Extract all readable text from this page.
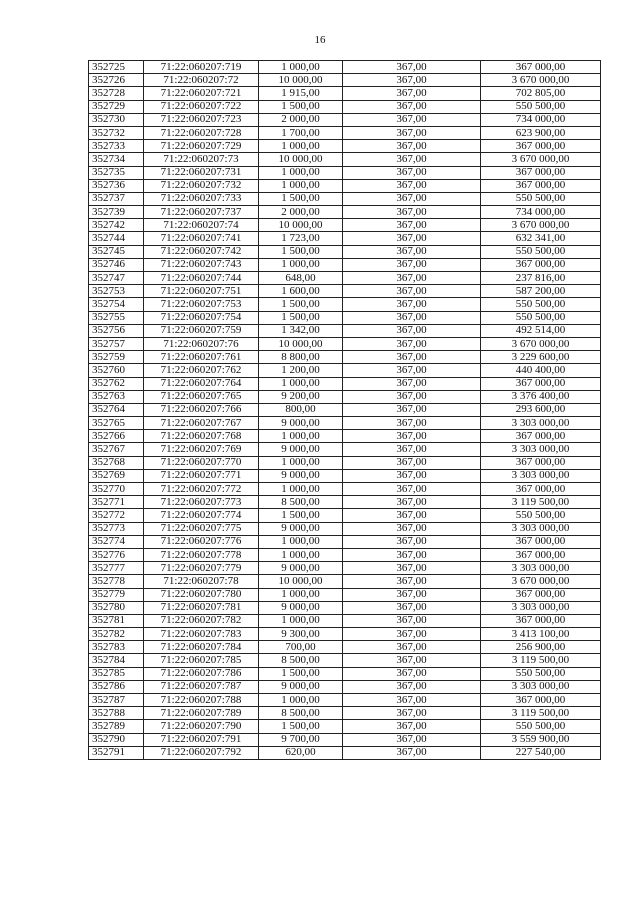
16
352725	71:22:060207:719	1 000,00	367,00	367 000,00
352726	71:22:060207:72	10 000,00	367,00	3 670 000,00
352728	71:22:060207:721	1 915,00	367,00	702 805,00
352729	71:22:060207:722	1 500,00	367,00	550 500,00
352730	71:22:060207:723	2 000,00	367,00	734 000,00
352732	71:22:060207:728	1 700,00	367,00	623 900,00
352733	71:22:060207:729	1 000,00	367,00	367 000,00
352734	71:22:060207:73	10 000,00	367,00	3 670 000,00
352735	71:22:060207:731	1 000,00	367,00	367 000,00
352736	71:22:060207:732	1 000,00	367,00	367 000,00
352737	71:22:060207:733	1 500,00	367,00	550 500,00
352739	71:22:060207:737	2 000,00	367,00	734 000,00
352742	71:22:060207:74	10 000,00	367,00	3 670 000,00
352744	71:22:060207:741	1 723,00	367,00	632 341,00
352745	71:22:060207:742	1 500,00	367,00	550 500,00
352746	71:22:060207:743	1 000,00	367,00	367 000,00
352747	71:22:060207:744	648,00	367,00	237 816,00
352753	71:22:060207:751	1 600,00	367,00	587 200,00
352754	71:22:060207:753	1 500,00	367,00	550 500,00
352755	71:22:060207:754	1 500,00	367,00	550 500,00
352756	71:22:060207:759	1 342,00	367,00	492 514,00
352757	71:22:060207:76	10 000,00	367,00	3 670 000,00
352759	71:22:060207:761	8 800,00	367,00	3 229 600,00
352760	71:22:060207:762	1 200,00	367,00	440 400,00
352762	71:22:060207:764	1 000,00	367,00	367 000,00
352763	71:22:060207:765	9 200,00	367,00	3 376 400,00
352764	71:22:060207:766	800,00	367,00	293 600,00
352765	71:22:060207:767	9 000,00	367,00	3 303 000,00
352766	71:22:060207:768	1 000,00	367,00	367 000,00
352767	71:22:060207:769	9 000,00	367,00	3 303 000,00
352768	71:22:060207:770	1 000,00	367,00	367 000,00
352769	71:22:060207:771	9 000,00	367,00	3 303 000,00
352770	71:22:060207:772	1 000,00	367,00	367 000,00
352771	71:22:060207:773	8 500,00	367,00	3 119 500,00
352772	71:22:060207:774	1 500,00	367,00	550 500,00
352773	71:22:060207:775	9 000,00	367,00	3 303 000,00
352774	71:22:060207:776	1 000,00	367,00	367 000,00
352776	71:22:060207:778	1 000,00	367,00	367 000,00
352777	71:22:060207:779	9 000,00	367,00	3 303 000,00
352778	71:22:060207:78	10 000,00	367,00	3 670 000,00
352779	71:22:060207:780	1 000,00	367,00	367 000,00
352780	71:22:060207:781	9 000,00	367,00	3 303 000,00
352781	71:22:060207:782	1 000,00	367,00	367 000,00
352782	71:22:060207:783	9 300,00	367,00	3 413 100,00
352783	71:22:060207:784	700,00	367,00	256 900,00
352784	71:22:060207:785	8 500,00	367,00	3 119 500,00
352785	71:22:060207:786	1 500,00	367,00	550 500,00
352786	71:22:060207:787	9 000,00	367,00	3 303 000,00
352787	71:22:060207:788	1 000,00	367,00	367 000,00
352788	71:22:060207:789	8 500,00	367,00	3 119 500,00
352789	71:22:060207:790	1 500,00	367,00	550 500,00
352790	71:22:060207:791	9 700,00	367,00	3 559 900,00
352791	71:22:060207:792	620,00	367,00	227 540,00
